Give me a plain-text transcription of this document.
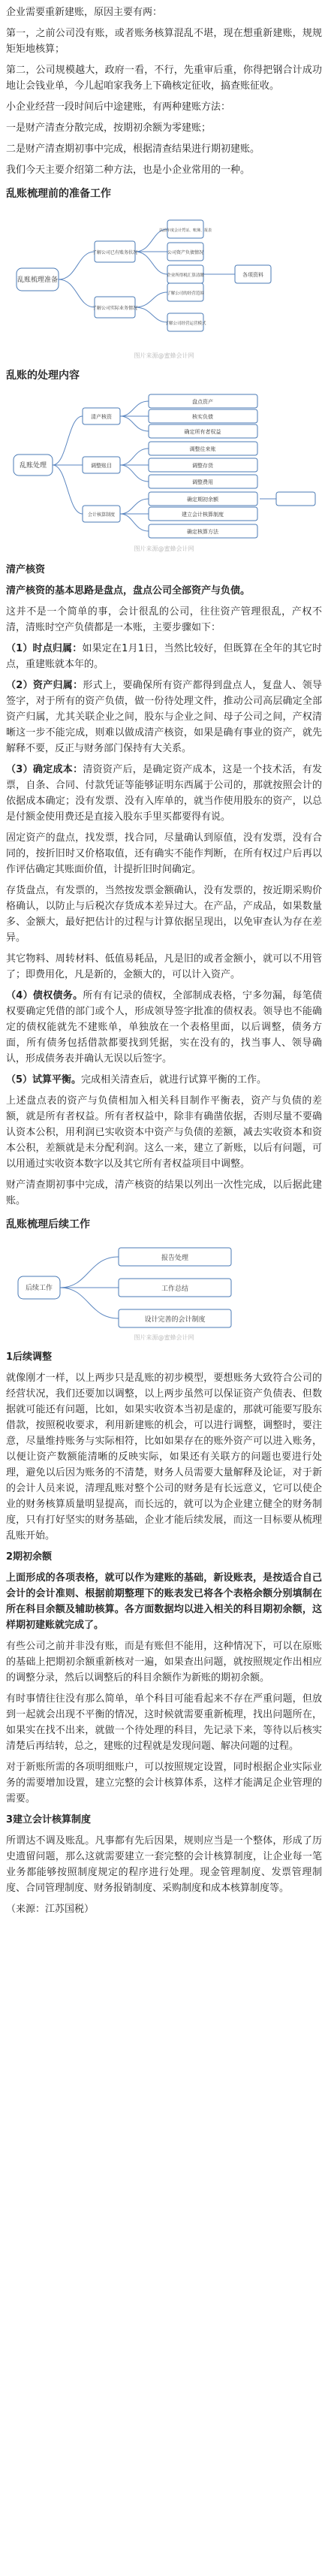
企业需要重新建账，原因主要有两：

第一，之前公司没有账，或者账务核算混乱不堪，现在想重新建账，规规矩矩地核算；

第二，公司规模越大，政府一看，不行，先重审后重，你得把钢合计成功地让会钱业单，今儿起咱家我务上下确核定征收，搞查账征收。

小企业经营一段时间后中途建账，有两种建账方法：

一是财产清查分散完成，按期初余额为零建账；

二是财产清查期初事中完成，根据清查结果进行期初建账。

我们今天主要介绍第二种方法，也是小企业常用的一种。

乱账梳理前的准备工作
乱账梳理准备
了解公司已有账务状况
了解公司实际业务情况
以前年度会计凭证、账簿、报表
公司资产负债情况
企业所得税汇算清缴
了解公司的经营范围
了解公司经营运营模式
各项资料
图片来源@蜜蜂会计网
乱账的处理内容
乱账处理
清产核资
调整账目
会计核算制度
盘点资产
核实负债
确定所有者权益
调整往来账
调整存货
调整费用
确定期初余额
建立会计核算制度
确定核算方法
图片来源@蜜蜂会计网

清产核资

清产核资的基本思路是盘点，盘点公司全部资产与负债。

这并不是一个简单的事，会计很乱的公司，往往资产管理很乱，产权不清，清账时空产负债都是一本账，主要步骤如下：

（1）时点归属：如果定在1月1日，当然比较好，但既算在全年的其它时点，重建账就本年的。

（2）资产归属：形式上，要确保所有资产都得到盘点人，复盘人、领导签字，对于所有的资产负债，做一份待处理文件，推动公司高层确定全部资产归属，尤其关联企业之间，股东与企业之间、母子公司之间，产权清晰这一步不能完成，则难以做成清产核资，如果是确有事业的资产，就先解释不要，反正与财务部门保持有大关系。

（3）确定成本：清资资产后，是确定资产成本，这是一个技术活，有发票，自条、合同、付款凭证等能够证明东西属于公司的，那就按照会计的依据成本确定；没有发票、没有入库单的，就当作使用股东的资产，以总是付额金使用费还是直接入股东手里买都要得有说。

固定资产的盘点，找发票，找合同，尽量确认到原值，没有发票，没有合同的，按折旧时又价格取值，还有确实不能作判断，在所有权过户后再以作评估确定其账面价值，计提折旧时间确定。

存货盘点，有发票的，当然按发票金额确认，没有发票的，按近期采购价格确认，以防止与后税次存货成本差异过大。在产品，产成品，如果数量多、金额大，最好把估计的过程与计算依据呈现出，以免审查认为存在差异。

其它物料、周转材料、低值易耗品，凡是旧的或者金额小，就可以不用管了；即费用化，凡是新的，金额大的，可以计入资产。

（4）债权债务。所有有记录的债权，全部制成表格，宁多勿漏，每笔债权要确定凭借的部门或个人，形成领导签字批准的债权表。领导也不能确定的债权能就先不建账单，单独放在一个表格里面，以后调整，债务方面，所有债务包括借款都要找到凭据，实在没有的，找当事人、领导确认，形成债务表并确认无误以后签字。

（5）试算平衡。完成相关清查后，就进行试算平衡的工作。

上述盘点表的资产与负债相加入相关科目制作平衡表，资产与负债的差额，就是所有者权益。所有者权益中，除非有确凿依据，否则尽量不要确认资本公积，用利润已实收资本中资产与负债的差额，减去实收资本和资本公积，差额就是未分配利润。这么一来，建立了新账，以后有问题，可以用通过实收资本数字以及其它所有者权益项目中调整。

财产清查期初事中完成，清产核资的结果以列出一次性完成，以后据此建账。

乱账梳理后续工作
后续工作
报告处理
工作总结
设计完善的会计制度
图片来源@蜜蜂会计网

1后续调整

就像刚才一样，以上两步只是乱账的初步模型，要想账务大致符合公司的经营状况，我们还要加以调整，以上两步虽然可以保证资产负债表、但数据就可能还有问题，比如，如果实收资本当初是虚的，那就可能要写股东借款，按照税收要求，利用新建账的机会，可以进行调整，调整时，要注意，尽量维持账务与实际相符，比如如果存在的账外资产可以进入账务，以便让资产数额能清晰的反映实际，如果还有关联方的问题也要进行处理，避免以后因为账务的不清楚，财务人员需要大量解释及论证，对于新的会计人员来说，清理乱账对整个公司的财务是有长远意义，它可以使企业的财务核算质量明显提高，而长远的，就可以为企业建立健全的财务制度，只有打好坚实的财务基础，企业才能后续发展，而这一目标要从梳理乱账开始。

2期初余额

上面形成的各项表格，就可以作为建账的基础，新设账表，是按适合自己会计的会计准则、根据前期整理下的账表发已将各个表格余额分别填制在所在科目余额及辅助核算。各方面数据均以进入相关的科目期初余额，这样期初建账就完成了。

有些公司之前并非没有账，而是有账但不能用，这种情况下，可以在原账的基础上把期初余额重新核对一遍，如果查出问题，就按照规定作出相应的调整分录，然后以调整后的科目余额作为新账的期初余额。

有时事情往往没有那么简单，单个科目可能看起来不存在严重问题，但放到一起就会出现不平衡的情况，这时候就需要重新梳理，找出问题所在，如果实在找不出来，就做一个待处理的科目，先记录下来，等待以后核实清楚后再结转，总之，建账的过程就是发现问题、解决问题的过程。

对于新账所需的各项明细账户，可以按照规定设置，同时根据企业实际业务的需要增加设置，建立完整的会计核算体系，这样才能满足企业管理的需要。

3建立会计核算制度

所谓达不调及账乱。凡事都有先后因果，规则应当是一个整体，形成了历史遗留问题，那么这就需要建立一套完整的会计核算制度，让企业每一笔业务都能够按照制度规定的程序进行处理。现金管理制度、发票管理制度、合同管理制度、财务报销制度、采购制度和成本核算制度等。

（来源：江苏国税）
